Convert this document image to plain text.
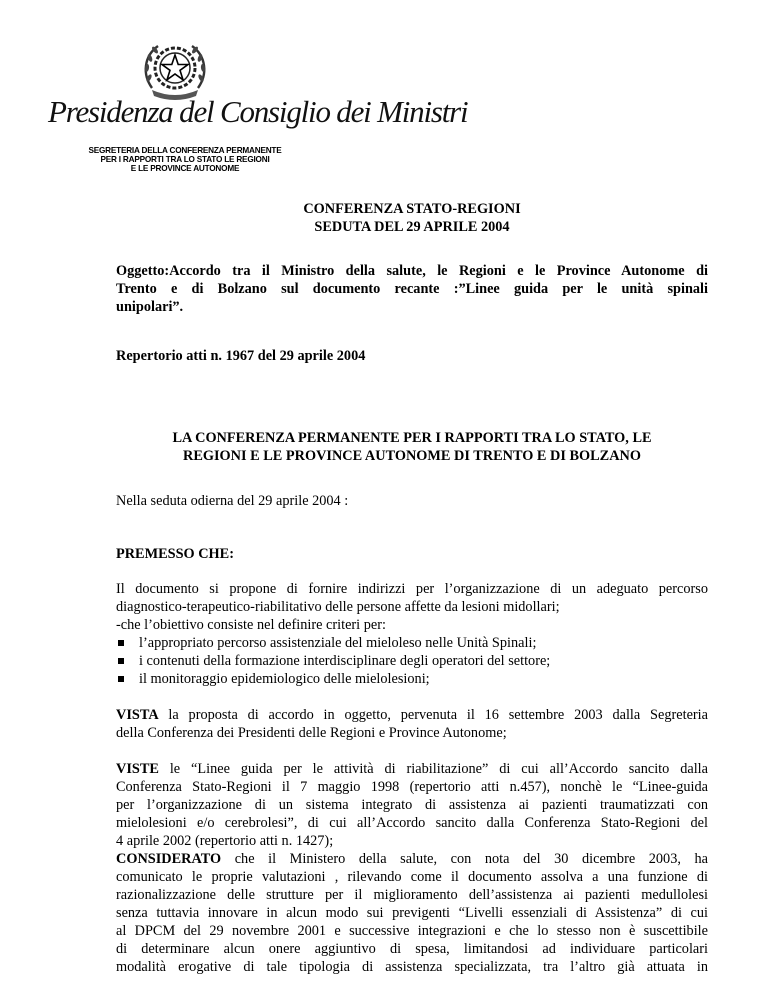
Presidenza del Consiglio dei Ministri
SEGRETERIA DELLA CONFERENZA PERMANENTE
PER I RAPPORTI TRA LO STATO LE REGIONI
E LE PROVINCE AUTONOME
CONFERENZA STATO-REGIONI
SEDUTA DEL 29 APRILE 2004
Oggetto:Accordo tra il Ministro della salute, le Regioni e le Province Autonome di
Trento e di Bolzano sul documento recante :”Linee guida per le unità spinali
unipolari”.
Repertorio atti n. 1967 del 29 aprile 2004
LA CONFERENZA PERMANENTE PER I RAPPORTI TRA LO STATO, LE
REGIONI E LE PROVINCE AUTONOME DI TRENTO E DI BOLZANO
Nella seduta odierna del 29 aprile 2004 :
PREMESSO CHE:
Il documento si propone di fornire indirizzi per l’organizzazione di un adeguato percorso
diagnostico-terapeutico-riabilitativo delle persone affette da lesioni midollari;
-che l’obiettivo consiste nel definire criteri per:
l’appropriato percorso assistenziale del mieloleso nelle Unità Spinali;
i contenuti della formazione interdisciplinare degli operatori del settore;
il monitoraggio epidemiologico delle mielolesioni;
VISTA la proposta di accordo in oggetto, pervenuta il 16 settembre 2003 dalla Segreteria
della Conferenza dei Presidenti delle Regioni e Province Autonome;
VISTE le “Linee guida per le attività di riabilitazione” di cui all’Accordo sancito dalla
Conferenza Stato-Regioni il 7 maggio 1998 (repertorio atti n.457), nonchè le “Linee-guida
per l’organizzazione di un sistema integrato di assistenza ai pazienti traumatizzati con
mielolesioni e/o cerebrolesi”, di cui all’Accordo sancito dalla Conferenza Stato-Regioni del
4 aprile 2002 (repertorio atti n. 1427);
CONSIDERATO che il Ministero della salute, con nota del 30 dicembre 2003, ha
comunicato le proprie valutazioni , rilevando come il documento assolva a una funzione di
razionalizzazione delle strutture per il miglioramento dell’assistenza ai pazienti medullolesi
senza tuttavia innovare in alcun modo sui previgenti “Livelli essenziali di Assistenza” di cui
al DPCM del 29 novembre 2001 e successive integrazioni e che lo stesso non è suscettibile
di determinare alcun onere aggiuntivo di spesa, limitandosi ad individuare particolari
modalità erogative di tale tipologia di assistenza specializzata, tra l’altro già attuata in
